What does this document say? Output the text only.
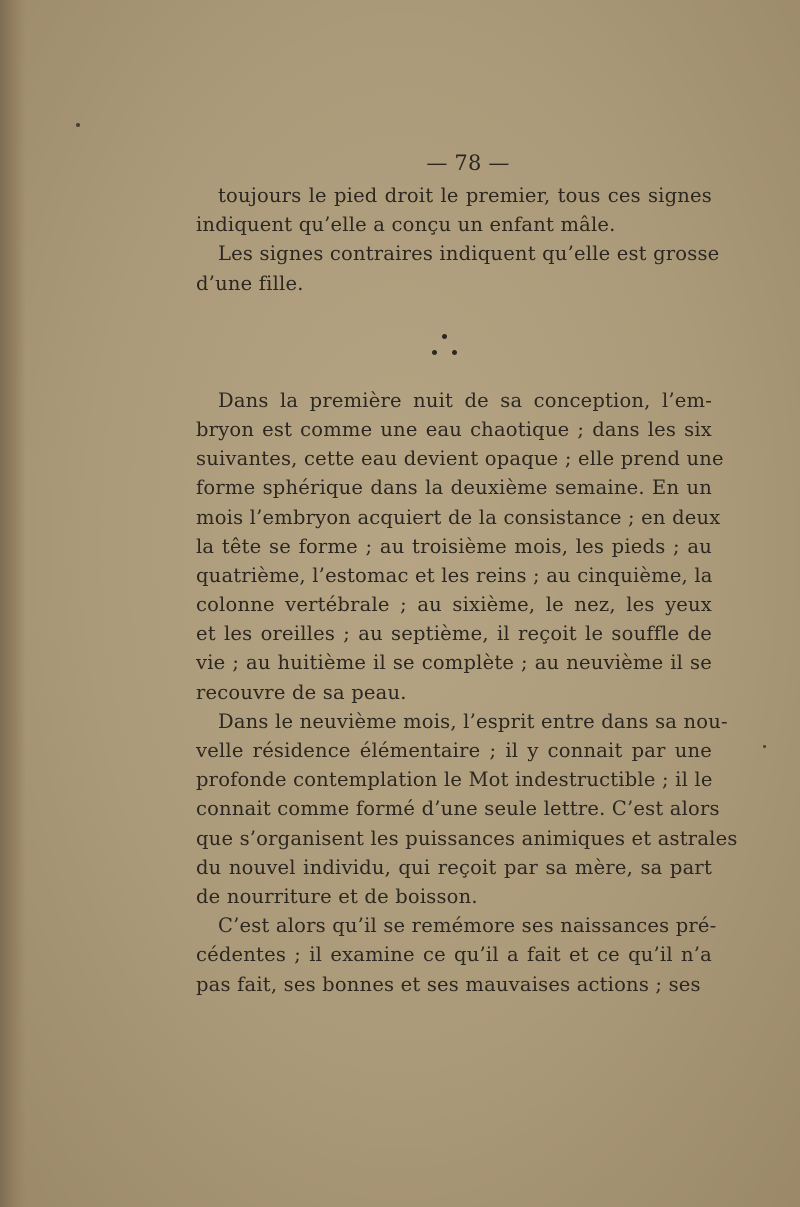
— 78 —
toujours le pied droit le premier, tous ces signes
indiquent qu’elle a conçu un enfant mâle.
Les signes contraires indiquent qu’elle est grosse
d’une fille.
Dans la première nuit de sa conception, l’em-
bryon est comme une eau chaotique ; dans les six
suivantes, cette eau devient opaque ; elle prend une
forme sphérique dans la deuxième semaine. En un
mois l’embryon acquiert de la consistance ; en deux
la tête se forme ; au troisième mois, les pieds ; au
quatrième, l’estomac et les reins ; au cinquième, la
colonne vertébrale ; au sixième, le nez, les yeux
et les oreilles ; au septième, il reçoit le souffle de
vie ; au huitième il se complète ; au neuvième il se
recouvre de sa peau.
Dans le neuvième mois, l’esprit entre dans sa nou-
velle résidence élémentaire ; il y connait par une
profonde contemplation le Mot indestructible ; il le
connait comme formé d’une seule lettre. C’est alors
que s’organisent les puissances animiques et astrales
du nouvel individu, qui reçoit par sa mère, sa part
de nourriture et de boisson.
C’est alors qu’il se remémore ses naissances pré-
cédentes ; il examine ce qu’il a fait et ce qu’il n’a
pas fait, ses bonnes et ses mauvaises actions ; ses
